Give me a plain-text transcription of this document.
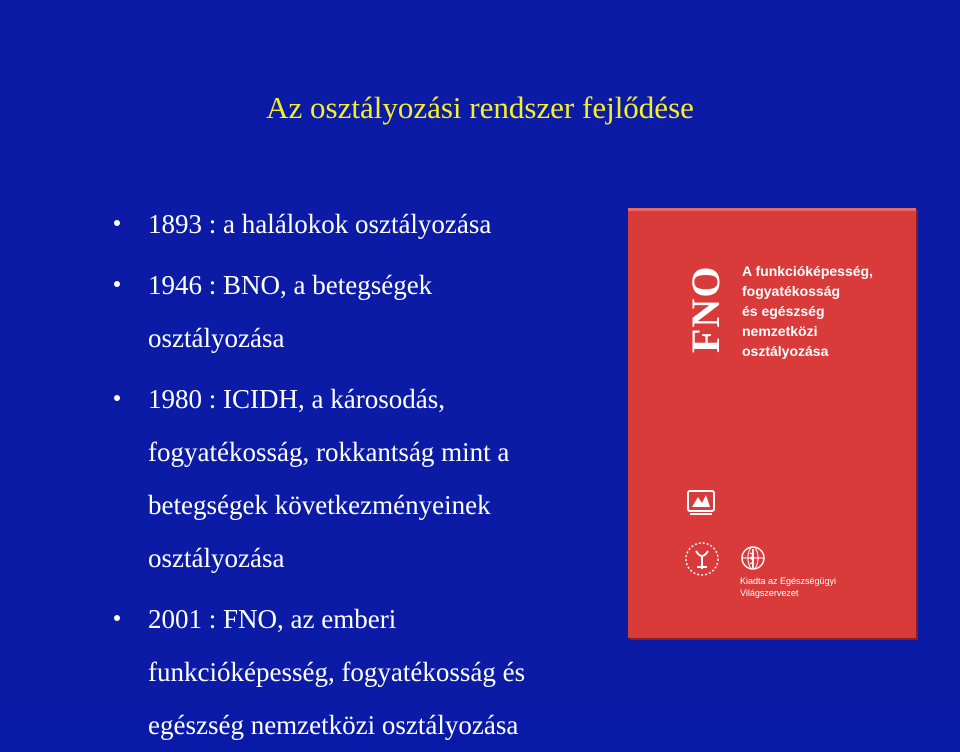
Az osztályozási rendszer fejlődése
1893 : a halálokok osztályozása
1946 : BNO, a betegségek
osztályozása
1980 : ICIDH, a károsodás,
fogyatékosság, rokkantság mint a
betegségek következményeinek
osztályozása
2001 : FNO, az emberi
funkcióképesség, fogyatékosság és
egészség nemzetközi osztályozása
FNO A funkcióképesség,
fogyatékosság
és egészség
nemzetközi
osztályozása
Kiadta az Egészségügyi
Világszervezet
